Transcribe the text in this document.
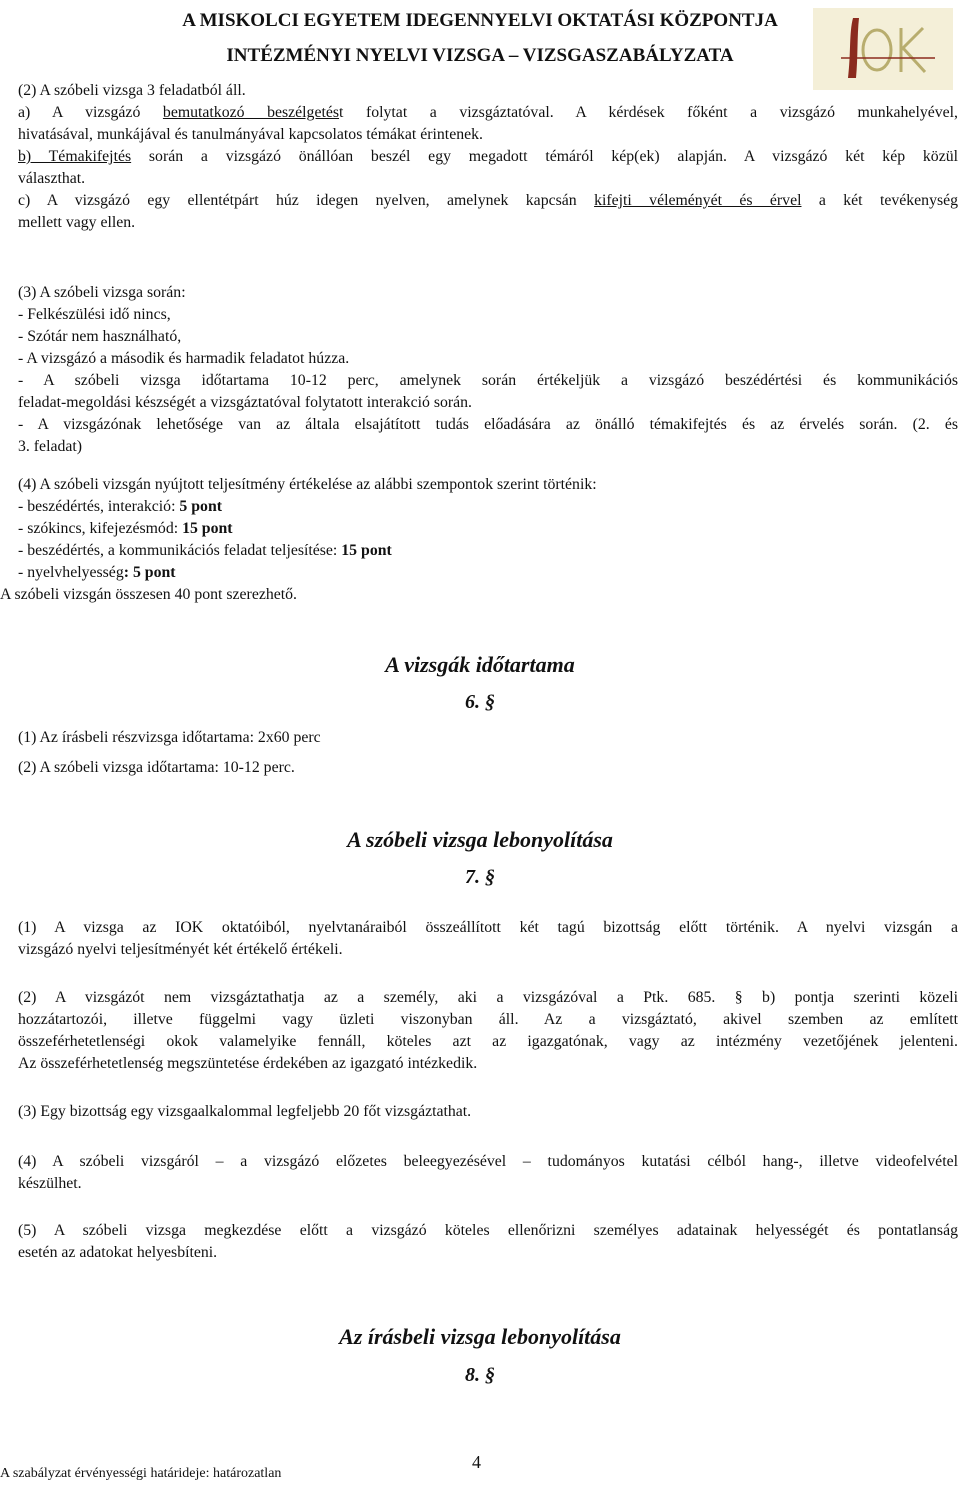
A MISKOLCI EGYETEM IDEGENNYELVI OKTATÁSI KÖZPONTJA
INTÉZMÉNYI NYELVI VIZSGA – VIZSGASZABÁLYZATA
(2) A szóbeli vizsga 3 feladatból áll.
a) A vizsgázó bemutatkozó beszélgetést folytat a vizsgáztatóval. A kérdések főként a vizsgázó munkahelyével,
hivatásával, munkájával és tanulmányával kapcsolatos témákat érintenek.
b) Témakifejtés során a vizsgázó önállóan beszél egy megadott témáról kép(ek) alapján. A vizsgázó két kép közül
választhat.
c) A vizsgázó egy ellentétpárt húz idegen nyelven, amelynek kapcsán kifejti véleményét és érvel a két tevékenység
mellett vagy ellen.
(3) A szóbeli vizsga során:
- Felkészülési idő nincs,
- Szótár nem használható,
- A vizsgázó a második és harmadik feladatot húzza.
- A szóbeli vizsga időtartama 10-12 perc, amelynek során értékeljük a vizsgázó beszédértési és kommunikációs
feladat-megoldási készségét a vizsgáztatóval folytatott interakció során.
- A vizsgázónak lehetősége van az általa elsajátított tudás előadására az önálló témakifejtés és az érvelés során. (2. és
3. feladat)
(4) A szóbeli vizsgán nyújtott teljesítmény értékelése az alábbi szempontok szerint történik:
- beszédértés, interakció: 5 pont
- szókincs, kifejezésmód: 15 pont
- beszédértés, a kommunikációs feladat teljesítése: 15 pont
- nyelvhelyesség: 5 pont
A szóbeli vizsgán összesen 40 pont szerezhető.
A vizsgák időtartama
6. §
(1) Az írásbeli részvizsga időtartama: 2x60 perc
(2) A szóbeli vizsga időtartama: 10-12 perc.
A szóbeli vizsga lebonyolítása
7. §
(1) A vizsga az IOK oktatóiból, nyelvtanáraiból összeállított két tagú bizottság előtt történik. A nyelvi vizsgán a
vizsgázó nyelvi teljesítményét két értékelő értékeli.
(2) A vizsgázót nem vizsgáztathatja az a személy, aki a vizsgázóval a Ptk. 685. § b) pontja szerinti közeli
hozzátartozói, illetve függelmi vagy üzleti viszonyban áll. Az a vizsgáztató, akivel szemben az említett
összeférhetetlenségi okok valamelyike fennáll, köteles azt az igazgatónak, vagy az intézmény vezetőjének jelenteni.
Az összeférhetetlenség megszüntetése érdekében az igazgató intézkedik.
(3) Egy bizottság egy vizsgaalkalommal legfeljebb 20 főt vizsgáztathat.
(4) A szóbeli vizsgáról – a vizsgázó előzetes beleegyezésével – tudományos kutatási célból hang-, illetve videofelvétel
készülhet.
(5) A szóbeli vizsga megkezdése előtt a vizsgázó köteles ellenőrizni személyes adatainak helyességét és pontatlanság
esetén az adatokat helyesbíteni.
Az írásbeli vizsga lebonyolítása
8. §
4
A szabályzat érvényességi határideje: határozatlan
